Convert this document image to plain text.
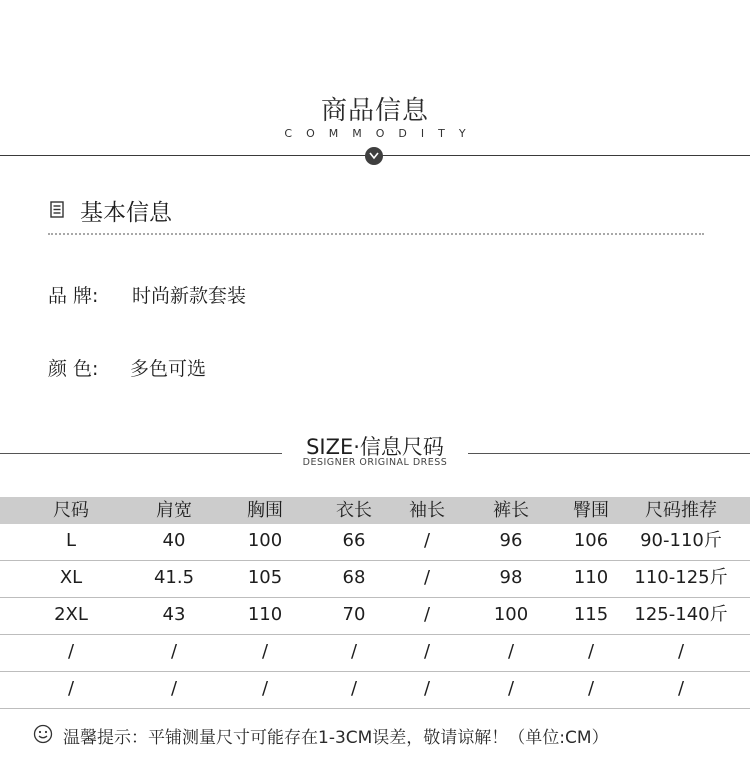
商品信息
COMMODITY
基本信息
品 牌: 时尚新款套装
颜 色: 多色可选
SIZE·信息尺码
DESIGNER ORIGINAL DRESS
尺码	肩宽	胸围	衣长	袖长	裤长	臀围	尺码推荐
L	40	100	66	/	96	106	90-110斤
XL	41.5	105	68	/	98	110	110-125斤
2XL	43	110	70	/	100	115	125-140斤
/	/	/	/	/	/	/	/
/	/	/	/	/	/	/	/
温馨提示：平铺测量尺寸可能存在1-3CM误差，敬请谅解！（单位:CM）
